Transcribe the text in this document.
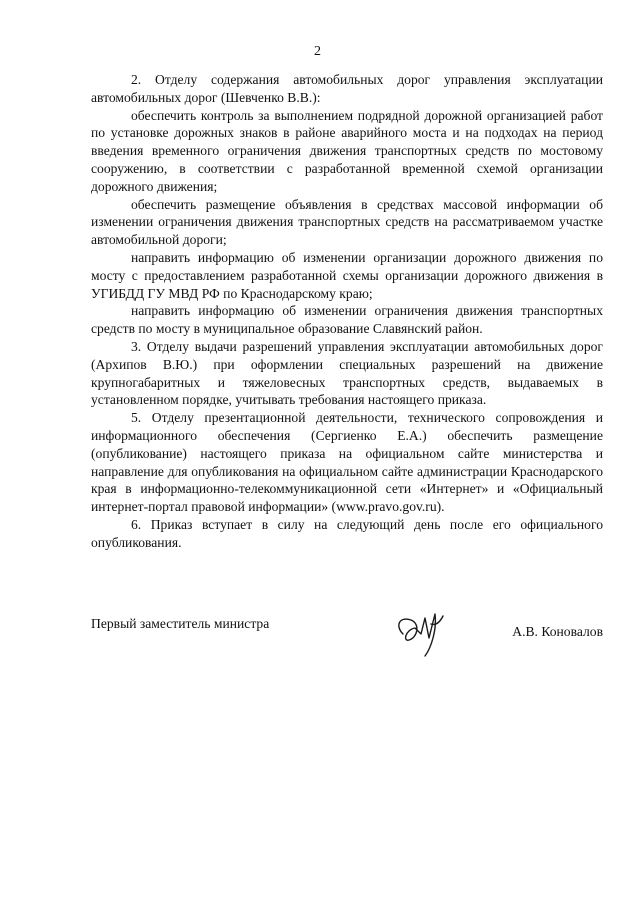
2

2. Отделу содержания автомобильных дорог управления эксплуатации автомобильных дорог (Шевченко В.В.):

обеспечить контроль за выполнением подрядной дорожной организацией работ по установке дорожных знаков в районе аварийного моста и на подходах на период введения временного ограничения движения транспортных средств по мостовому сооружению, в соответствии с разработанной временной схемой организации дорожного движения;

обеспечить размещение объявления в средствах массовой информации об изменении ограничения движения транспортных средств на рассматриваемом участке автомобильной дороги;

направить информацию об изменении организации дорожного движения по мосту с предоставлением разработанной схемы организации дорожного движения в УГИБДД ГУ МВД РФ по Краснодарскому краю;

направить информацию об изменении ограничения движения транспортных средств по мосту в муниципальное образование Славянский район.

3. Отделу выдачи разрешений управления эксплуатации автомобильных дорог (Архипов В.Ю.) при оформлении специальных разрешений на движение крупногабаритных и тяжеловесных транспортных средств, выдаваемых в установленном порядке, учитывать требования настоящего приказа.

5. Отделу презентационной деятельности, технического сопровождения и информационного обеспечения (Сергиенко Е.А.) обеспечить размещение (опубликование) настоящего приказа на официальном сайте министерства и направление для опубликования на официальном сайте администрации Краснодарского края в информационно-телекоммуникационной сети «Интернет» и «Официальный интернет-портал правовой информации» (www.pravo.gov.ru).

6. Приказ вступает в силу на следующий день после его официального опубликования.

Первый заместитель министра
А.В. Коновалов
